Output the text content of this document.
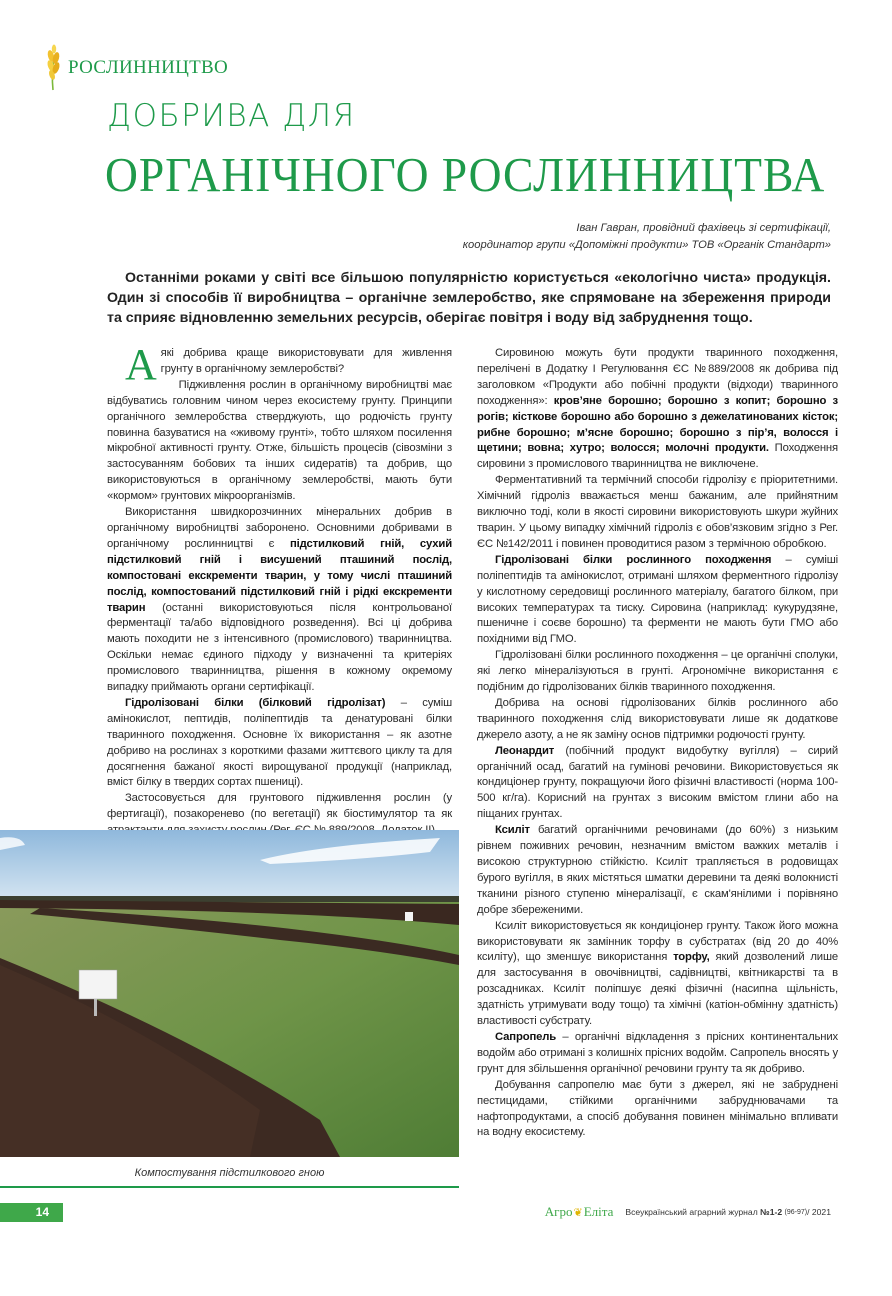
РОСЛИННИЦТВО
ДОБРИВА ДЛЯ
ОРГАНІЧНОГО РОСЛИННИЦТВА
Іван Гавран, провідний фахівець зі сертифікації,
координатор групи «Допоміжні продукти» ТОВ «Органік Стандарт»
Останніми роками у світі все більшою популярністю користується «екологічно чиста» продукція. Один зі способів її виробництва – органічне землеробство, яке спрямоване на збереження природи та сприяє відновленню земельних ресурсів, оберігає повітря і воду від забруднення тощо.

Аякі добрива краще використовувати для живлення грунту в органічному землеробстві?

Підживлення рослин в органічному виробництві має відбуватись головним чином через екосистему грунту. Принципи органічного землеробства стверджують, що родючість грунту повинна базуватися на «живому грунті», тобто шляхом посилення мікробної активності грунту. Отже, більшість процесів (сівозміни з застосуванням бобових та інших сидератів) та добрив, що використовуються в органічному землеробстві, мають бути «кормом» грунтових мікроорганізмів.

Використання швидкорозчинних мінеральних добрив в органічному виробництві заборонено. Основними добривами в органічному рослинництві є підстилковий гній, сухий підстилковий гній і висушений пташиний послід, компостовані екскременти тварин, у тому числі пташиний послід, компостований підстилковий гній і рідкі екскременти тварин (останні використовуються після контрольованої ферментації та/або відповідного розведення). Всі ці добрива мають походити не з інтенсивного (промислового) тваринництва. Оскільки немає єдиного підходу у визначенні та критеріях промислового тваринництва, рішення в кожному окремому випадку приймають органи сертифікації.

Гідролізовані білки (білковий гідролізат) – суміш амінокислот, пептидів, поліпептидів та денатуровані білки тваринного походження. Основне їх використання – як азотне добриво на рослинах з короткими фазами життєвого циклу та для досягнення бажаної якості вирощуваної продукції (наприклад, вміст білку в твердих сортах пшениці).

Застосовується для грунтового підживлення рослин (у фертигації), позакоренево (по вегетації) як біостимулятор та як

Компостування підстилкового гною

Сировиною можуть бути продукти тваринного походження, перелічені в Додатку I Регулювання ЄС №889/2008 як добрива під заголовком «Продукти або побічні продукти (відходи) тваринного походження»: кров’яне борошно; борошно з копит; борошно з рогів; кісткове борошно або борошно з дежелатинованих кісток; рибне борошно; м’ясне борошно; борошно з пір’я, волосся і щетини; вовна; хутро; волосся; молочні продукти. Походження сировини з промислового тваринництва не виключене.

Ферментативний та термічний способи гідролізу є пріоритетними. Хімічний гідроліз вважається менш бажаним, але прийнятним виключно тоді, коли в якості сировини використовують шкури жуйних тварин. У цьому випадку хімічний гідроліз є обов’язковим згідно з Рег. ЄС №142/2011 і повинен проводитися разом з термічною обробкою.

Гідролізовані білки рослинного походження – суміші поліпептидів та амінокислот, отримані шляхом ферментного гідролізу у кислотному середовищі рослинного матеріалу, багатого білком, при високих температурах та тиску. Сировина (наприклад: кукурудзяне, пшеничне і соєве борошно) та ферменти не мають бути ГМО або похідними від ГМО.

Гідролізовані білки рослинного походження – це органічні сполуки, які легко мінералізуються в грунті. Агрономічне використання є подібним до гідролізованих білків тваринного походження.

Добрива на основі гідролізованих білків рослинного або тваринного походження слід використовувати лише як додаткове джерело азоту, а не як заміну основ підтримки родючості грунту.

Леонардит (побічний продукт видобутку вугілля) – сирий органічний осад, багатий на гумінові речовини. Використовується як кондиціонер грунту, покращуючи його фізичні властивості (норма 100-500 кг/га). Корисний на грунтах з високим вмістом глини або на піщаних грунтах.

Ксиліт багатий органічними речовинами (до 60%) з низьким рівнем поживних речовин, незначним вмістом важких металів і високою структурною стійкістю. Ксиліт трапляється в родовищах бурого вугілля, в яких містяться шматки деревини та деякі волокнисті тканини різного ступеню мінералізації, є скам'янілими і порівняно добре збереженими.

Ксиліт використовується як кондиціонер грунту. Також його можна використовувати як замінник торфу в субстратах (від 20 до 40% ксиліту), що зменшує використання торфу, який дозволений лише для застосування в овочівництві, садівництві, квітникарстві та в розсадниках. Ксиліт поліпшує деякі фізичні (насипна щільність, здатність утримувати воду тощо) та хімічні (катіон-обмінну здатність) властивості субстрату.

Сапропель – органічні відкладення з прісних континентальних водойм або отримані з колишніх прісних водойм. Сапропель вносять у грунт для збільшення органічної речовини грунту та як добриво.

Добування сапропелю має бути з джерел, які не забруднені пестицидами, стійкими органічними забруднювачами та нафтопродуктами, а спосіб добування повинен мінімально впливати на водну екосистему.

14	Агро ❦ Еліта Всеукраїнський аграрний журнал
№1-2
(96-97) / 2021
